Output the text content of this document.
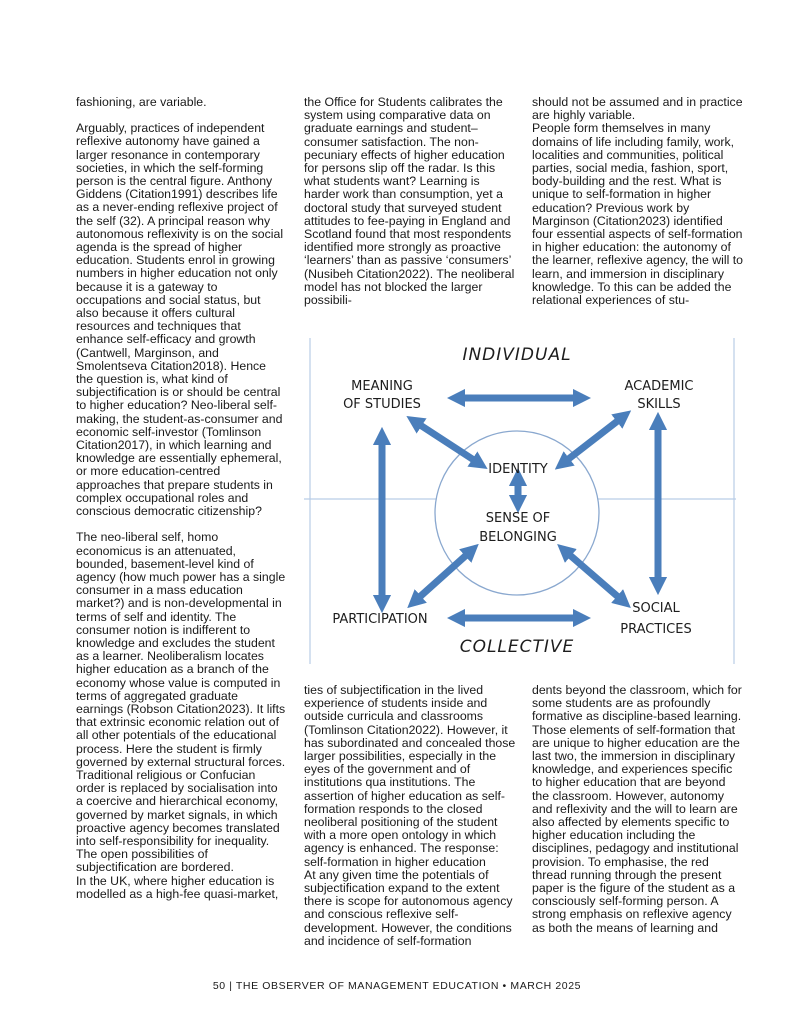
fashioning, are variable.

Arguably, practices of independent reflexive autonomy have gained a larger resonance in contemporary societies, in which the self-forming person is the central figure. Anthony Giddens (Citation1991) describes life as a never-ending reflexive project of the self (32). A principal reason why autonomous reflexivity is on the social agenda is the spread of higher education. Students enrol in growing numbers in higher education not only because it is a gateway to occupations and social status, but also because it offers cultural resources and techniques that enhance self-efficacy and growth (Cantwell, Marginson, and Smolentseva Citation2018). Hence the question is, what kind of subjectification is or should be central to higher education? Neo-liberal self-making, the student-as-consumer and economic self-investor (Tomlinson Citation2017), in which learning and knowledge are essentially ephemeral, or more education-centred approaches that prepare students in complex occupational roles and conscious democratic citizenship?

The neo-liberal self, homo economicus is an attenuated, bounded, basement-level kind of agency (how much power has a single consumer in a mass education market?) and is non-developmental in terms of self and identity. The consumer notion is indifferent to knowledge and excludes the student as a learner. Neoliberalism locates higher education as a branch of the economy whose value is computed in terms of aggregated graduate earnings (Robson Citation2023). It lifts that extrinsic economic relation out of all other potentials of the educational process. Here the student is firmly governed by external structural forces. Traditional religious or Confucian order is replaced by socialisation into a coercive and hierarchical economy, governed by market signals, in which proactive agency becomes translated into self-responsibility for inequality. The open possibilities of subjectification are bordered.

In the UK, where higher education is modelled as a high-fee quasi-market,

the Office for Students calibrates the system using comparative data on graduate earnings and student–consumer satisfaction. The non-pecuniary effects of higher education for persons slip off the radar. Is this what students want? Learning is harder work than consumption, yet a doctoral study that surveyed student attitudes to fee-paying in England and Scotland found that most respondents identified more strongly as proactive ‘learners’ than as passive ‘consumers’ (Nusibeh Citation2022). The neoliberal model has not blocked the larger possibili-

should not be assumed and in practice are highly variable.

People form themselves in many domains of life including family, work, localities and communities, political parties, social media, fashion, sport, body-building and the rest. What is unique to self-formation in higher education? Previous work by Marginson (Citation2023) identified four essential aspects of self-formation in higher education: the autonomy of the learner, reflexive agency, the will to learn, and immersion in disciplinary knowledge. To this can be added the relational experiences of stu-

INDIVIDUAL
COLLECTIVE
MEANING
OF STUDIES
ACADEMIC
SKILLS
PARTICIPATION
SOCIAL
PRACTICES
IDENTITY
SENSE OF
BELONGING

ties of subjectification in the lived experience of students inside and outside curricula and classrooms (Tomlinson Citation2022). However, it has subordinated and concealed those larger possibilities, especially in the eyes of the government and of institutions qua institutions. The assertion of higher education as self-formation responds to the closed neoliberal positioning of the student with a more open ontology in which agency is enhanced. The response: self-formation in higher education

At any given time the potentials of subjectification expand to the extent there is scope for autonomous agency and conscious reflexive self-development. However, the conditions and incidence of self-formation

dents beyond the classroom, which for some students are as profoundly formative as discipline-based learning. Those elements of self-formation that are unique to higher education are the last two, the immersion in disciplinary knowledge, and experiences specific to higher education that are beyond the classroom. However, autonomy and reflexivity and the will to learn are also affected by elements specific to higher education including the disciplines, pedagogy and institutional provision. To emphasise, the red thread running through the present paper is the figure of the student as a consciously self-forming person. A strong emphasis on reflexive agency as both the means of learning and

50 | THE OBSERVER OF MANAGEMENT EDUCATION • MARCH 2025
